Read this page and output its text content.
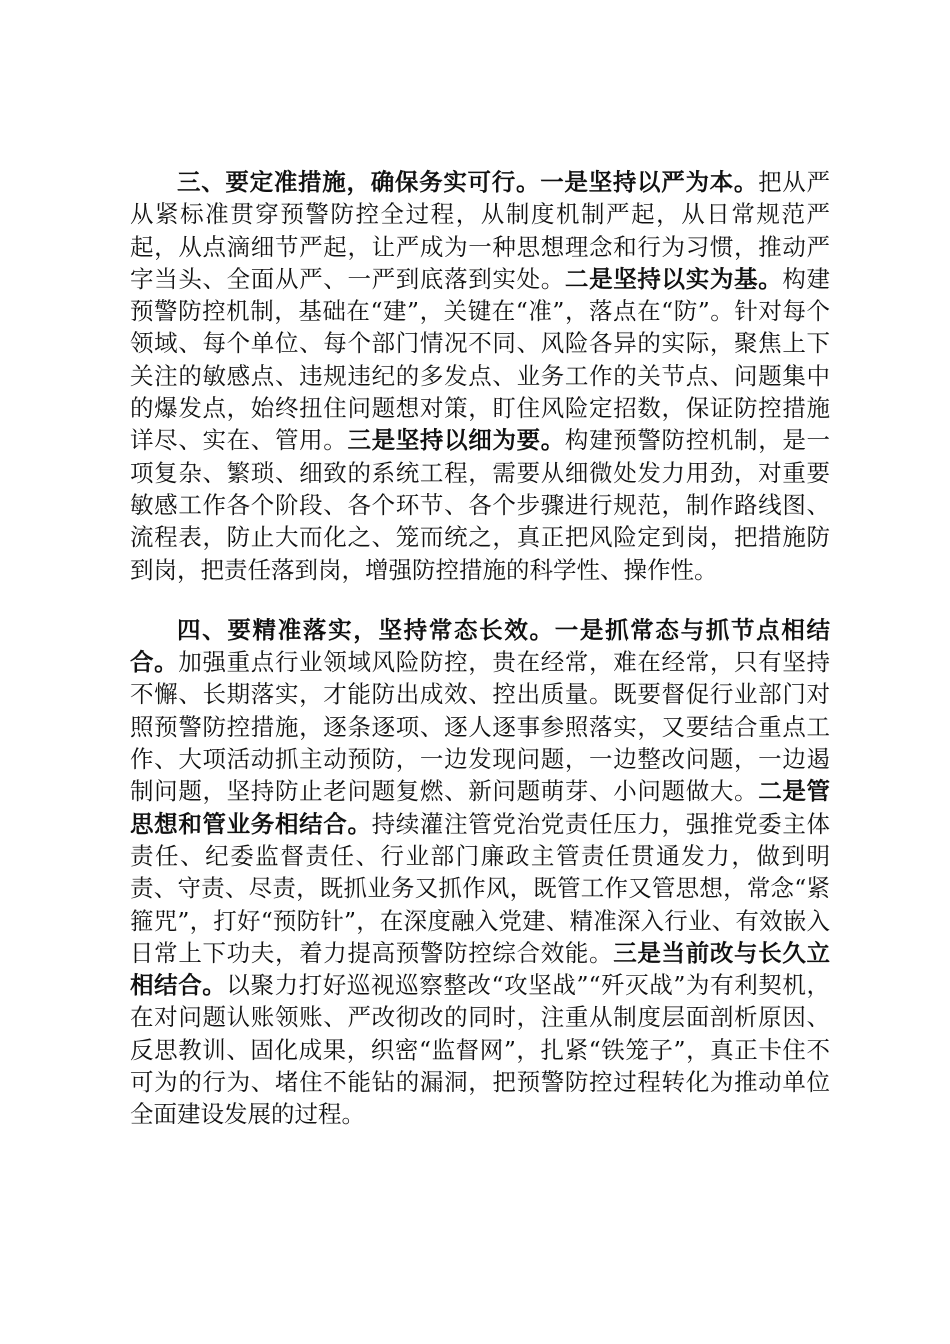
三、要定准措施，确保务实可行。一是坚持以严为本。把从严从紧标准贯穿预警防控全过程，从制度机制严起，从日常规范严起，从点滴细节严起，让严成为一种思想理念和行为习惯，推动严字当头、全面从严、一严到底落到实处。二是坚持以实为基。构建预警防控机制，基础在“建”，关键在“准”，落点在“防”。针对每个领域、每个单位、每个部门情况不同、风险各异的实际，聚焦上下关注的敏感点、违规违纪的多发点、业务工作的关节点、问题集中的爆发点，始终扭住问题想对策，盯住风险定招数，保证防控措施详尽、实在、管用。三是坚持以细为要。构建预警防控机制，是一项复杂、繁琐、细致的系统工程，需要从细微处发力用劲，对重要敏感工作各个阶段、各个环节、各个步骤进行规范，制作路线图、流程表，防止大而化之、笼而统之，真正把风险定到岗，把措施防到岗，把责任落到岗，增强防控措施的科学性、操作性。

四、要精准落实，坚持常态长效。一是抓常态与抓节点相结合。加强重点行业领域风险防控，贵在经常，难在经常，只有坚持不懈、长期落实，才能防出成效、控出质量。既要督促行业部门对照预警防控措施，逐条逐项、逐人逐事参照落实，又要结合重点工作、大项活动抓主动预防，一边发现问题，一边整改问题，一边遏制问题，坚持防止老问题复燃、新问题萌芽、小问题做大。二是管思想和管业务相结合。持续灌注管党治党责任压力，强推党委主体责任、纪委监督责任、行业部门廉政主管责任贯通发力，做到明责、守责、尽责，既抓业务又抓作风，既管工作又管思想，常念“紧箍咒”，打好“预防针”，在深度融入党建、精准深入行业、有效嵌入日常上下功夫，着力提高预警防控综合效能。三是当前改与长久立相结合。以聚力打好巡视巡察整改“攻坚战”“歼灭战”为有利契机，在对问题认账领账、严改彻改的同时，注重从制度层面剖析原因、反思教训、固化成果，织密“监督网”，扎紧“铁笼子”，真正卡住不可为的行为、堵住不能钻的漏洞，把预警防控过程转化为推动单位全面建设发展的过程。
